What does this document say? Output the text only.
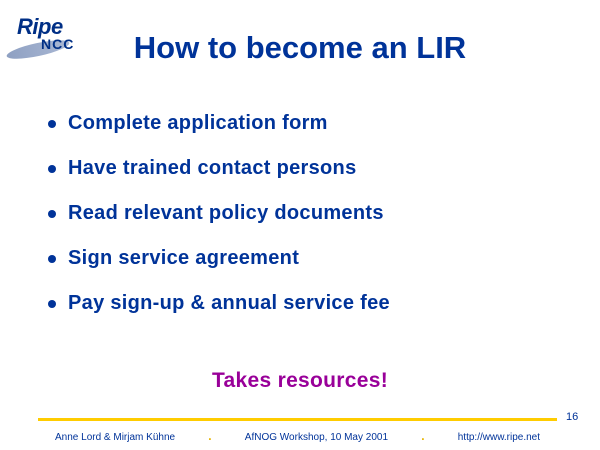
Ripe
NCC	How to become an LIR
Complete application form
Have trained contact persons
Read relevant policy documents
Sign service agreement
Pay sign-up & annual service fee
Takes resources!
16
Anne Lord & Mirjam Kühne	.	AfNOG Workshop, 10 May 2001	.	http://www.ripe.net
